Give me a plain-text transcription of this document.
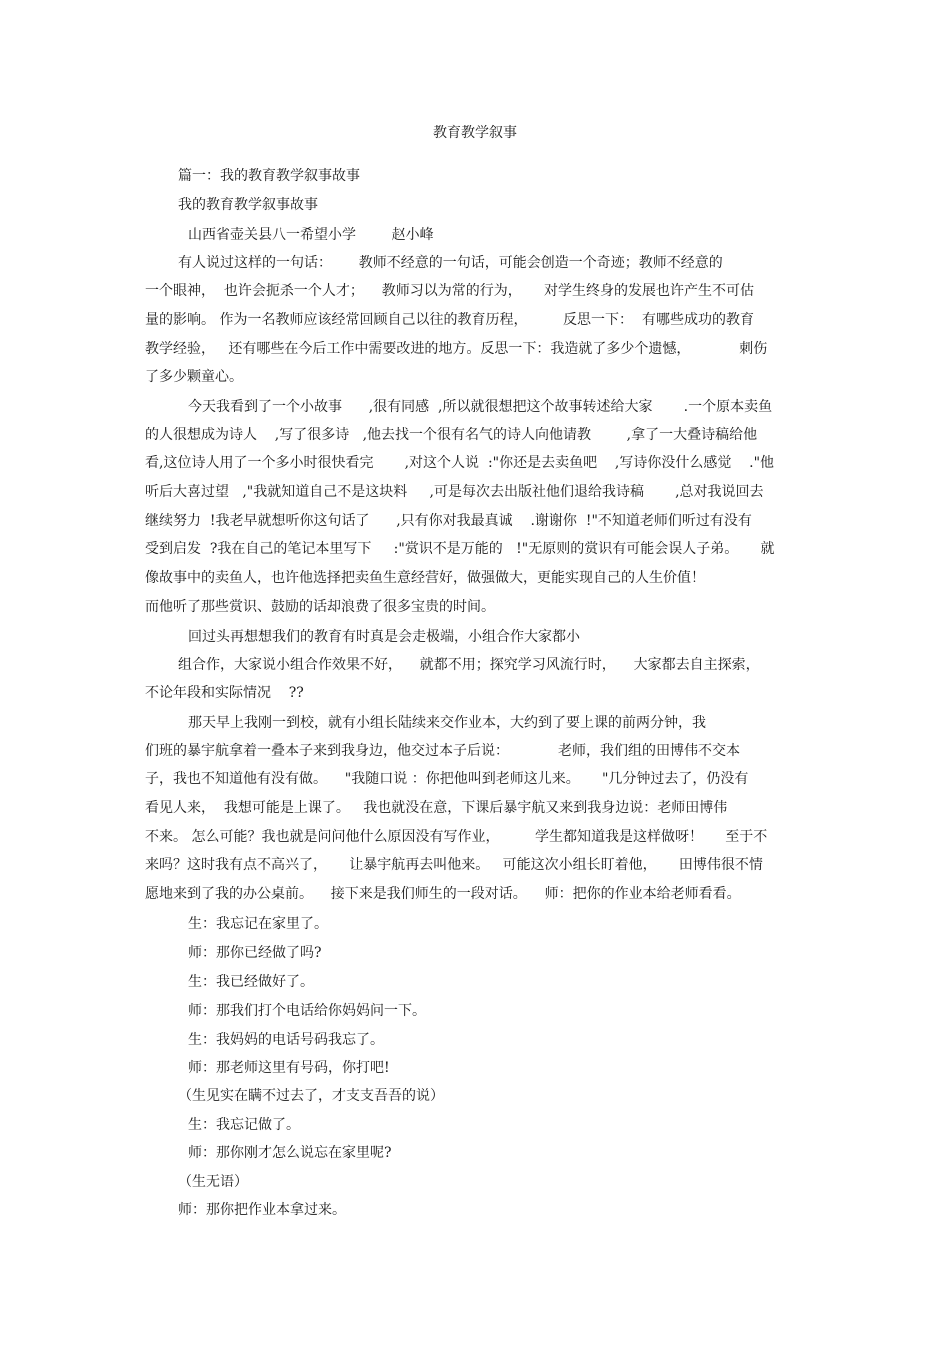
教育教学叙事
篇一：我的教育教学叙事故事
我的教育教学叙事故事
山西省壶关县八一希望小学        赵小峰
有人说过这样的一句话：      教师不经意的一句话，可能会创造一个奇迹；教师不经意的
一个眼神，  也许会扼杀一个人才；    教师习以为常的行为，     对学生终身的发展也许产生不可估
量的影响。 作为一名教师应该经常回顾自己以往的教育历程，        反思一下：  有哪些成功的教育
教学经验，   还有哪些在今后工作中需要改进的地方。反思一下：我造就了多少个遗憾，           刺伤
了多少颗童心。
今天我看到了一个小故事      ,很有同感  ,所以就很想把这个故事转述给大家       .一个原本卖鱼
的人很想成为诗人    ,写了很多诗   ,他去找一个很有名气的诗人向他请教        ,拿了一大叠诗稿给他
看,这位诗人用了一个多小时很快看完       ,对这个人说  :"你还是去卖鱼吧    ,写诗你没什么感觉    ."他
听后大喜过望   ,"我就知道自己不是这块料     ,可是每次去出版社他们退给我诗稿       ,总对我说回去
继续努力  !我老早就想听你这句话了      ,只有你对我最真诚    .谢谢你  !"不知道老师们听过有没有
受到启发  ?我在自己的笔记本里写下     :"赏识不是万能的   !"无原则的赏识有可能会误人子弟。     就
像故事中的卖鱼人，也许他选择把卖鱼生意经营好，做强做大，更能实现自己的人生价值！
而他听了那些赏识、鼓励的话却浪费了很多宝贵的时间。
回过头再想想我们的教育有时真是会走极端，小组合作大家都小
组合作，大家说小组合作效果不好，    就都不用；探究学习风流行时，    大家都去自主探索，
不论年段和实际情况    ??
那天早上我刚一到校，就有小组长陆续来交作业本，大约到了要上课的前两分钟，我
们班的暴宇航拿着一叠本子来到我身边，他交过本子后说：           老师，我们组的田博伟不交本
子，我也不知道他有没有做。    "我随口说 ：你把他叫到老师这儿来。     "几分钟过去了，仍没有
看见人来，  我想可能是上课了。   我也就没在意，下课后暴宇航又来到我身边说：老师田博伟
不来。 怎么可能？我也就是问问他什么原因没有写作业，        学生都知道我是这样做呀！     至于不
来吗？这时我有点不高兴了，     让暴宇航再去叫他来。   可能这次小组长盯着他，     田博伟很不情
愿地来到了我的办公桌前。    接下来是我们师生的一段对话。    师：把你的作业本给老师看看。
生：我忘记在家里了。
师：那你已经做了吗?
生：我已经做好了。
师：那我们打个电话给你妈妈问一下。
生：我妈妈的电话号码我忘了。
师：那老师这里有号码，你打吧!
（生见实在瞒不过去了，才支支吾吾的说）
生：我忘记做了。
师：那你刚才怎么说忘在家里呢?
（生无语）
师：那你把作业本拿过来。
